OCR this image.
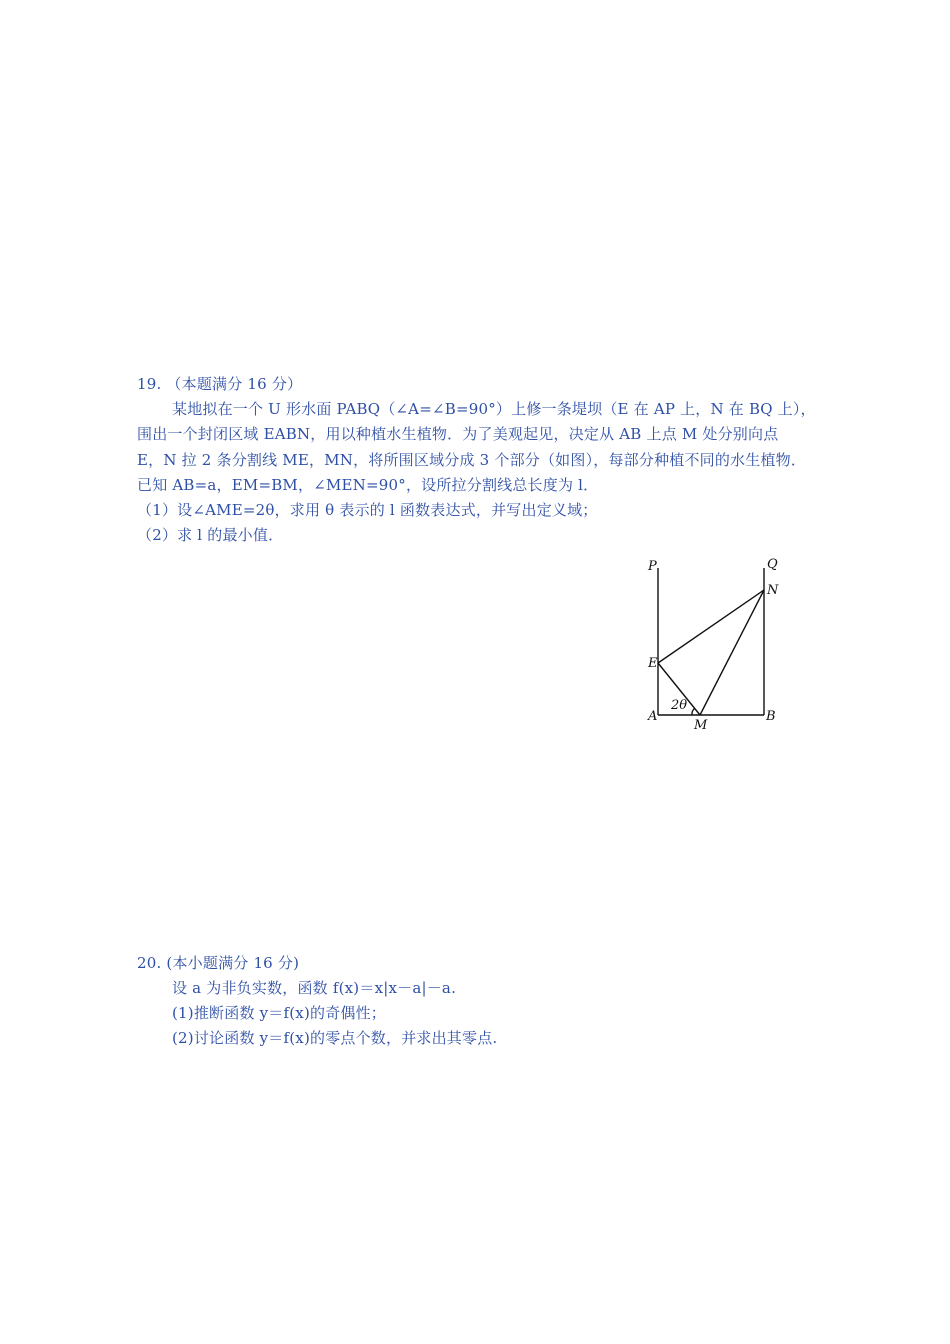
19. （本题满分 16 分）
某地拟在一个 U 形水面 PABQ（∠A=∠B=90°）上修一条堤坝（E 在 AP 上，N 在 BQ 上），
围出一个封闭区域 EABN，用以种植水生植物．为了美观起见，决定从 AB 上点 M 处分别向点
E，N 拉 2 条分割线 ME，MN，将所围区域分成 3 个部分（如图），每部分种植不同的水生植物．
已知 AB=a，EM=BM，∠MEN=90°，设所拉分割线总长度为 l．
（1）设∠AME=2θ，求用 θ 表示的 l 函数表达式，并写出定义域；
（2）求 l 的最小值．
P	Q
N
E
A
M
B
2θ
20. (本小题满分 16 分)
设 a 为非负实数，函数 f(x)＝x|x－a|－a.
(1)推断函数 y＝f(x)的奇偶性；
(2)讨论函数 y＝f(x)的零点个数，并求出其零点.
